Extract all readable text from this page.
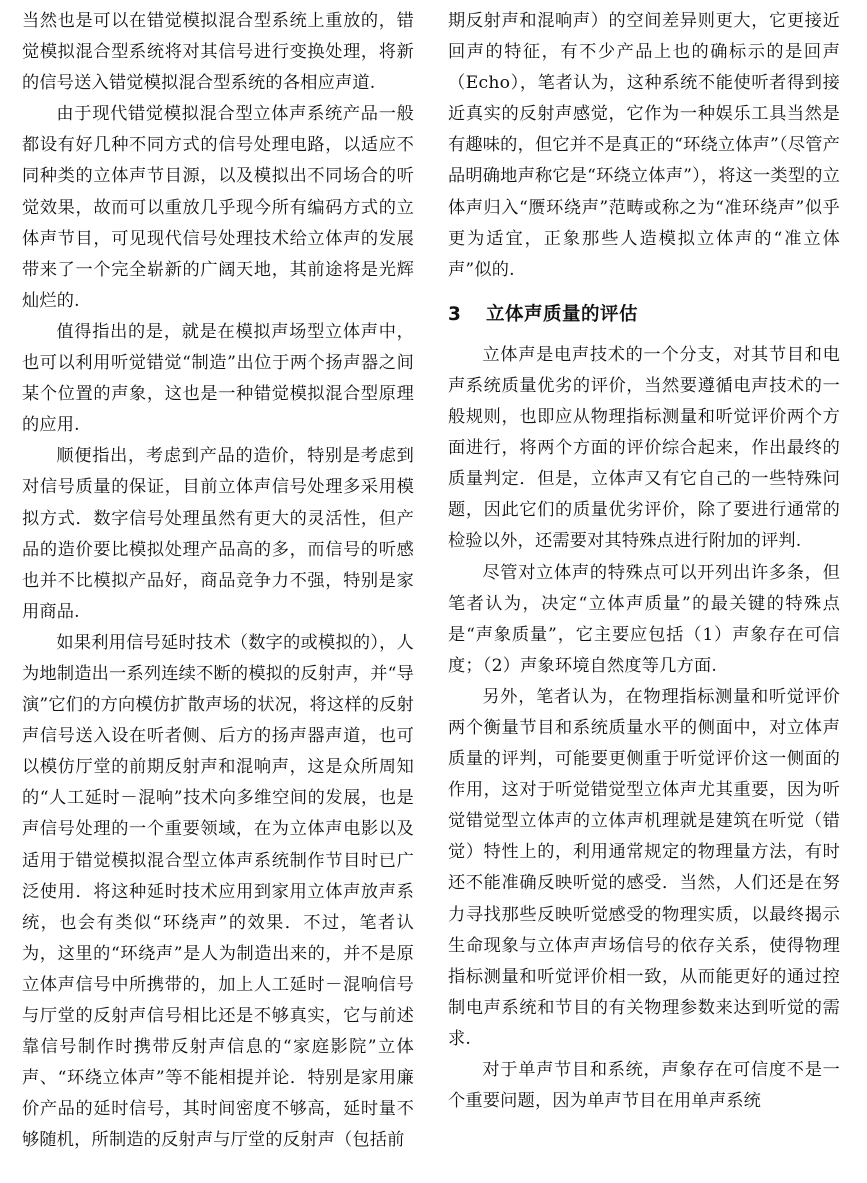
当然也是可以在错觉模拟混合型系统上重放的，错觉模拟混合型系统将对其信号进行变换处理，将新的信号送入错觉模拟混合型系统的各相应声道.

由于现代错觉模拟混合型立体声系统产品一般都设有好几种不同方式的信号处理电路，以适应不同种类的立体声节目源，以及模拟出不同场合的听觉效果，故而可以重放几乎现今所有编码方式的立体声节目，可见现代信号处理技术给立体声的发展带来了一个完全崭新的广阔天地，其前途将是光辉灿烂的.

值得指出的是，就是在模拟声场型立体声中，也可以利用听觉错觉“制造”出位于两个扬声器之间某个位置的声象，这也是一种错觉模拟混合型原理的应用.

顺便指出，考虑到产品的造价，特别是考虑到对信号质量的保证，目前立体声信号处理多采用模拟方式．数字信号处理虽然有更大的灵活性，但产品的造价要比模拟处理产品高的多，而信号的听感也并不比模拟产品好，商品竞争力不强，特别是家用商品.

如果利用信号延时技术（数字的或模拟的），人为地制造出一系列连续不断的模拟的反射声，并“导演”它们的方向模仿扩散声场的状况，将这样的反射声信号送入设在听者侧、后方的扬声器声道，也可以模仿厅堂的前期反射声和混响声，这是众所周知的“人工延时－混响”技术向多维空间的发展，也是声信号处理的一个重要领域，在为立体声电影以及适用于错觉模拟混合型立体声系统制作节目时已广泛使用．将这种延时技术应用到家用立体声放声系统，也会有类似“环绕声”的效果．不过，笔者认为，这里的“环绕声”是人为制造出来的，并不是原立体声信号中所携带的，加上人工延时－混响信号与厅堂的反射声信号相比还是不够真实，它与前述靠信号制作时携带反射声信息的“家庭影院”立体声、“环绕立体声”等不能相提并论．特别是家用廉价产品的延时信号，其时间密度不够高，延时量不够随机，所制造的反射声与厅堂的反射声（包括前

期反射声和混响声）的空间差异则更大，它更接近回声的特征，有不少产品上也的确标示的是回声（Echo），笔者认为，这种系统不能使听者得到接近真实的反射声感觉，它作为一种娱乐工具当然是有趣味的，但它并不是真正的“环绕立体声”（尽管产品明确地声称它是“环绕立体声”），将这一类型的立体声归入“赝环绕声”范畴或称之为“准环绕声”似乎更为适宜，正象那些人造模拟立体声的“准立体声”似的.

3 立体声质量的评估

立体声是电声技术的一个分支，对其节目和电声系统质量优劣的评价，当然要遵循电声技术的一般规则，也即应从物理指标测量和听觉评价两个方面进行，将两个方面的评价综合起来，作出最终的质量判定．但是，立体声又有它自己的一些特殊问题，因此它们的质量优劣评价，除了要进行通常的检验以外，还需要对其特殊点进行附加的评判.

尽管对立体声的特殊点可以开列出许多条，但笔者认为，决定“立体声质量”的最关键的特殊点是“声象质量”，它主要应包括（1）声象存在可信度；（2）声象环境自然度等几方面.

另外，笔者认为，在物理指标测量和听觉评价两个衡量节目和系统质量水平的侧面中，对立体声质量的评判，可能要更侧重于听觉评价这一侧面的作用，这对于听觉错觉型立体声尤其重要，因为听觉错觉型立体声的立体声机理就是建筑在听觉（错觉）特性上的，利用通常规定的物理量方法，有时还不能准确反映听觉的感受．当然，人们还是在努力寻找那些反映听觉感受的物理实质，以最终揭示生命现象与立体声声场信号的依存关系，使得物理指标测量和听觉评价相一致，从而能更好的通过控制电声系统和节目的有关物理参数来达到听觉的需求.

对于单声节目和系统，声象存在可信度不是一个重要问题，因为单声节目在用单声系统
